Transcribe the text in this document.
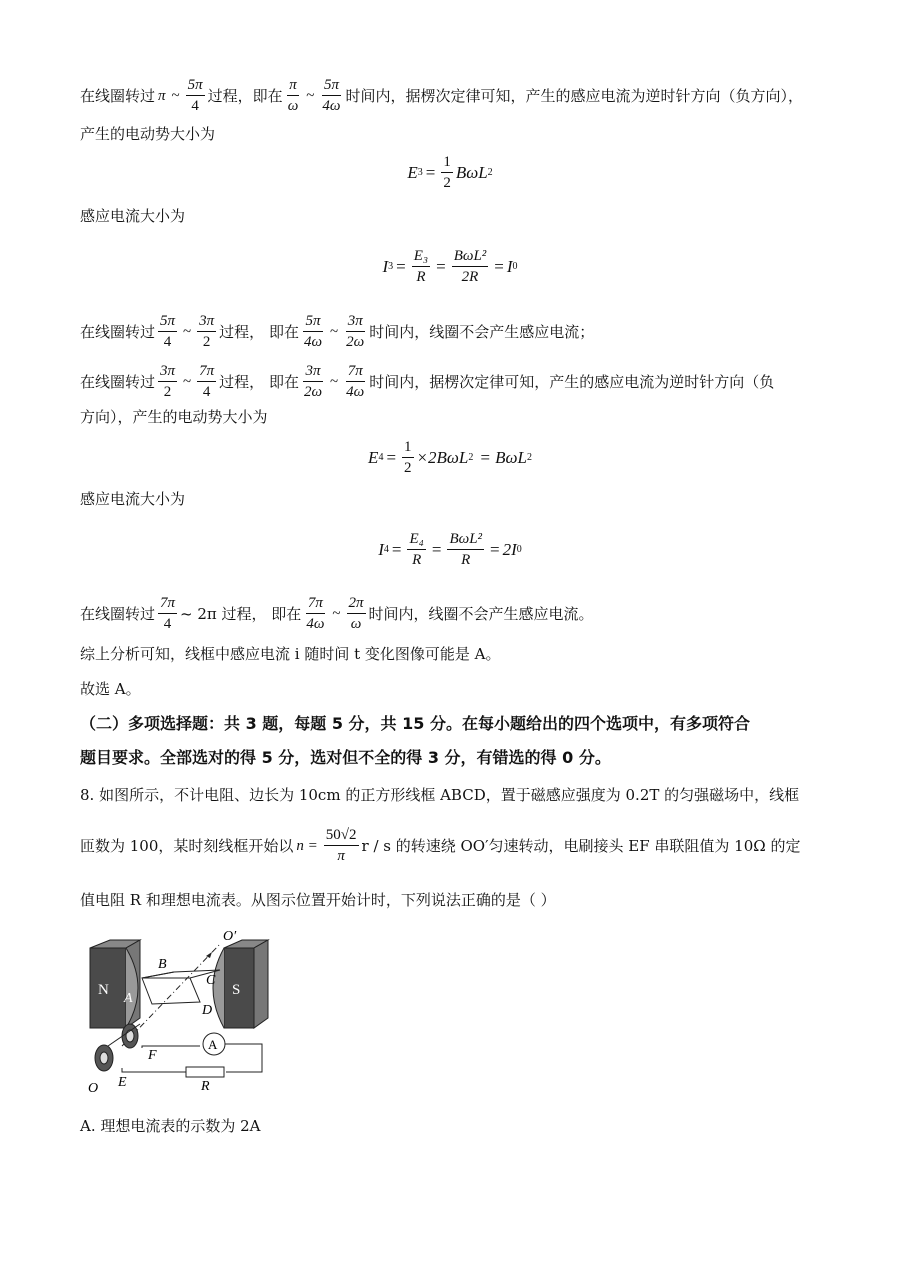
在线圈转过 π ~ $\frac{5\pi}{4}$ 过程，即在 $\frac{\pi}{\omega}$ ~ $\frac{5\pi}{4\omega}$ 时间内，据楞次定律可知，产生的感应电流为逆时针方向（负方向），
产生的电动势大小为
E $3 = \frac{1}{2}$ BωL 2
感应电流大小为
I $3 = \frac{\text{E₃}}{R} = \frac{\text{BωL²}}{2R} = I$ 0
在线圈转过 $\frac{5\pi}{4}$ ~ $\frac{3\pi}{2}$ 过程， 即在 $\frac{5\pi}{4\omega}$ ~ $\frac{3\pi}{2\omega}$ 时间内，线圈不会产生感应电流；
在线圈转过 $\frac{3\pi}{2}$ ~ $\frac{7\pi}{4}$ 过程， 即在 $\frac{3\pi}{2\omega}$ ~ $\frac{7\pi}{4\omega}$ 时间内，据楞次定律可知，产生的感应电流为逆时针方向（负
方向），产生的电动势大小为
E $4 = \frac{1}{2} \times 2B\omega L$ 2 = BωL 2
感应电流大小为
I $4 = \frac{\text{E₄}}{R} = \frac{\text{BωL²}}{R} = 2I$ 0
在线圈转过 $\frac{7\pi}{4}$ ~ 2π 过程， 即在 $\frac{7\pi}{4\omega}$ ~ $\frac{2\pi}{\omega}$ 时间内，线圈不会产生感应电流。
综上分析可知，线框中感应电流 i 随时间 t 变化图像可能是 A。
故选 A。
（二）多项选择题：共 3 题，每题 5 分，共 15 分。在每小题给出的四个选项中，有多项符合
题目要求。全部选对的得 5 分，选对但不全的得 3 分，有错选的得 0 分。
8. 如图所示，不计电阻、边长为 10cm 的正方形线框 ABCD，置于磁感应强度为 0.2T 的匀强磁场中，线框
匝数为 100，某时刻线框开始以 $n = \frac{50√2}{\pi}$ r / s 的转速绕 OO′匀速转动，电刷接头 EF 串联阻值为 10Ω 的定
值电阻 R 和理想电流表。从图示位置开始计时，下列说法正确的是（ ）
N	S
A
B
C
D
O′
F
E
O	R
A
A. 理想电流表的示数为 2A
